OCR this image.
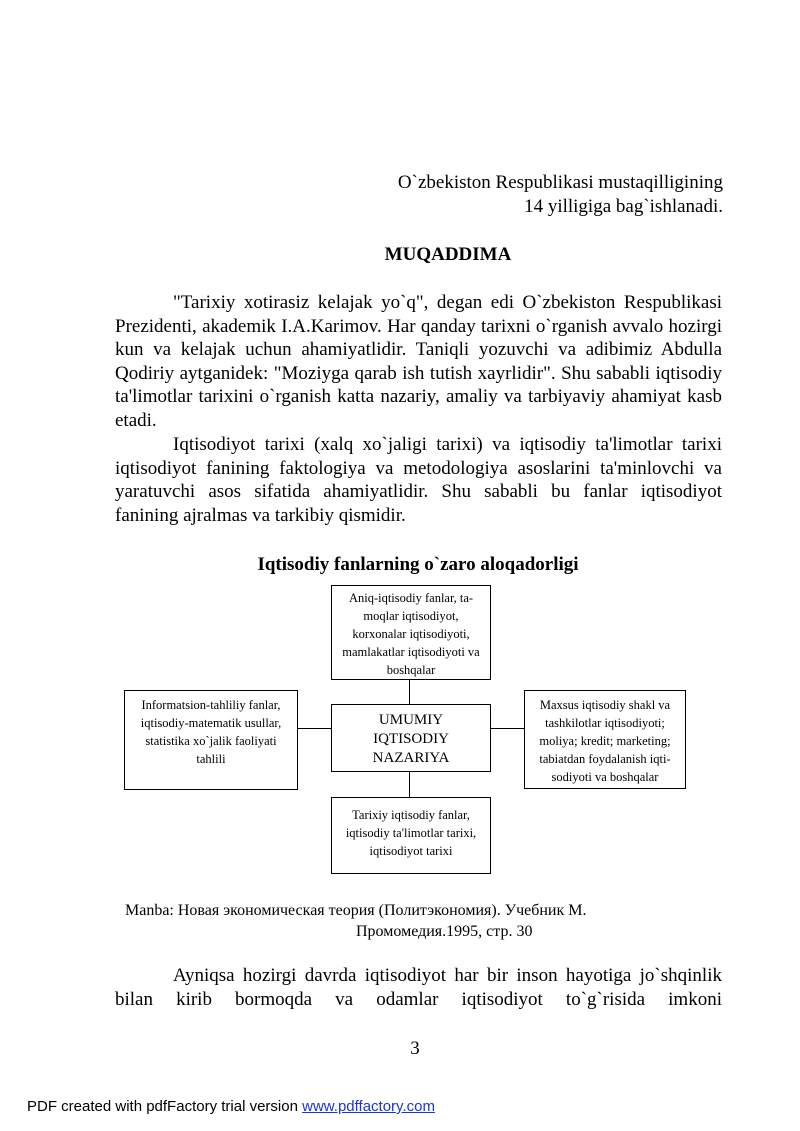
O`zbekiston Respublikasi mustaqilligining
14 yilligiga bag`ishlanadi.
MUQADDIMA

"Tarixiy xotirasiz kelajak yo`q", degan edi O`zbekiston Respublikasi Prezidenti, akademik I.A.Karimov. Har qanday tarixni o`rganish avvalo hozirgi kun va kelajak uchun ahamiyatlidir. Taniqli yozuvchi va adibimiz Abdulla Qodiriy aytganidek: "Moziyga qarab ish tutish xayrlidir". Shu sababli iqtisodiy ta'limotlar tarixini o`rganish katta nazariy, amaliy va tarbiyaviy ahamiyat kasb etadi.

Iqtisodiyot tarixi (xalq xo`jaligi tarixi) va iqtisodiy ta'limotlar tarixi iqtisodiyot fanining faktologiya va metodologiya asoslarini ta'minlovchi va yaratuvchi asos sifatida ahamiyatlidir. Shu sababli bu fanlar iqtisodiyot fanining ajralmas va tarkibiy qismidir.

Iqtisodiy fanlarning o`zaro aloqadorligi
Aniq-iqtisodiy fanlar, ta-
moqlar iqtisodiyot,
korxonalar iqtisodiyoti,
mamlakatlar iqtisodiyoti va
boshqalar
Informatsion-tahliliy fanlar,
iqtisodiy-matematik usullar,
statistika xo`jalik faoliyati
tahlili
UMUMIY
IQTISODIY
NAZARIYA
Maxsus iqtisodiy shakl va
tashkilotlar iqtisodiyoti;
moliya; kredit; marketing;
tabiatdan foydalanish iqti-
sodiyoti va boshqalar
Tarixiy iqtisodiy fanlar,
iqtisodiy ta'limotlar tarixi,
iqtisodiyot tarixi
Manba: Новая экономическая теория (Политэкономия). Учебник М.
Промомедия.1995, стр. 30

Ayniqsa hozirgi davrda iqtisodiyot har bir inson hayotiga jo`shqinlik bilan kirib bormoqda va odamlar iqtisodiyot to`g`risida imkoni

3
PDF created with pdfFactory trial version www.pdffactory.com
